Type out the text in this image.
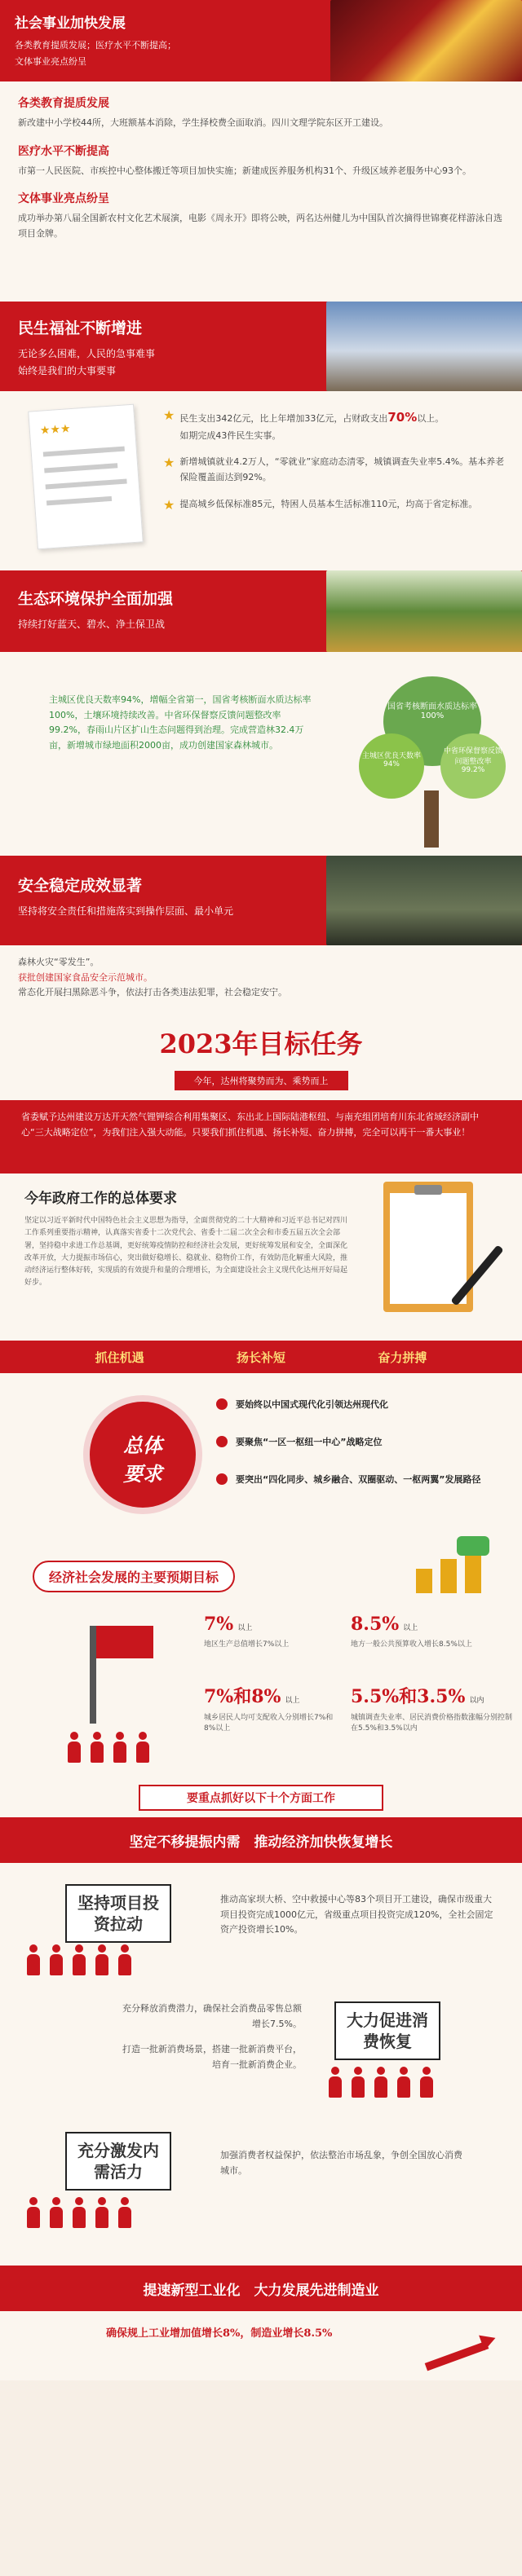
社会事业加快发展
各类教育提质发展；医疗水平不断提高；
文体事业亮点纷呈
各类教育提质发展
新改建中小学校44所，大班额基本消除，学生择校费全面取消。四川文理学院东区开工建设。
医疗水平不断提高
市第一人民医院、市疾控中心整体搬迁等项目加快实施；新建成医养服务机构31个、升级区域养老服务中心93个。
文体事业亮点纷呈
成功举办第八届全国新农村文化艺术展演，电影《周永开》即将公映，两名达州健儿为中国队首次摘得世锦赛花样游泳自选项目金牌。
民生福祉不断增进
无论多么困难，人民的急事难事
始终是我们的大事要事
★★★
★ 民生支出342亿元，比上年增加33亿元，占财政支出70%以上。
如期完成43件民生实事。
★ 新增城镇就业4.2万人，“零就业”家庭动态清零，城镇调查失业率5.4%。基本养老保险覆盖面达到92%。
★ 提高城乡低保标准85元，特困人员基本生活标准110元，均高于省定标准。
生态环境保护全面加强
持续打好蓝天、碧水、净土保卫战
主城区优良天数率94%，增幅全省第一，国省考核断面水质达标率100%，土壤环境持续改善。中省环保督察反馈问题整改率99.2%，春雨山片区扩山生态问题得到治理。完成营造林32.4万亩，新增城市绿地面积2000亩，成功创建国家森林城市。
国省考核断面水质达标率
100%
主城区优良天数率
94%
中省环保督察反馈问题整改率
99.2%
安全稳定成效显著
坚持将安全责任和措施落实到操作层面、最小单元
森林火灾“零发生”。
获批创建国家食品安全示范城市。
常态化开展扫黑除恶斗争，依法打击各类违法犯罪，社会稳定安宁。
2023年目标任务
今年，达州将聚势而为、乘势而上
省委赋予达州建设万达开天然气锂钾综合利用集聚区、东出北上国际陆港枢纽、与南充组团培育川东北省域经济副中心“三大战略定位”，为我们注入强大动能。只要我们抓住机遇、扬长补短、奋力拼搏，完全可以再干一番大事业！
今年政府工作的总体要求
坚定以习近平新时代中国特色社会主义思想为指导，全面贯彻党的二十大精神和习近平总书记对四川工作系列重要指示精神，认真落实省委十二次党代会、省委十二届二次全会和市委五届五次全会部署，坚持稳中求进工作总基调，更好统筹疫情防控和经济社会发展，更好统筹发展和安全，全面深化改革开放，大力提振市场信心，突出做好稳增长、稳就业、稳物价工作，有效防范化解重大风险，推动经济运行整体好转，实现质的有效提升和量的合理增长，为全面建设社会主义现代化达州开好局起好步。
抓住机遇	扬长补短	奋力拼搏
总体
要求
要始终以中国式现代化引领达州现代化
要聚焦“一区一枢纽一中心”战略定位
要突出“四化同步、城乡融合、双圈驱动、一枢两翼”发展路径
经济社会发展的主要预期目标
7% 以上
地区生产总值增长7%以上
8.5% 以上
地方一般公共预算收入增长8.5%以上
7%和8% 以上
城乡居民人均可支配收入分别增长7%和8%以上
5.5%和3.5% 以内
城镇调查失业率、居民消费价格指数涨幅分别控制在5.5%和3.5%以内
要重点抓好以下十个方面工作
坚定不移提振内需　推动经济加快恢复增长
坚持项目投资拉动
推动高家坝大桥、空中救援中心等83个项目开工建设，确保市级重大项目投资完成1000亿元，省级重点项目投资完成120%，全社会固定资产投资增长10%。
充分释放消费潜力，确保社会消费品零售总额增长7.5%。
打造一批新消费场景，搭建一批新消费平台，培育一批新消费企业。
大力促进消费恢复
充分激发内需活力
加强消费者权益保护，依法整治市场乱象，争创全国放心消费城市。
提速新型工业化　大力发展先进制造业
确保规上工业增加值增长8%，制造业增长8.5%
